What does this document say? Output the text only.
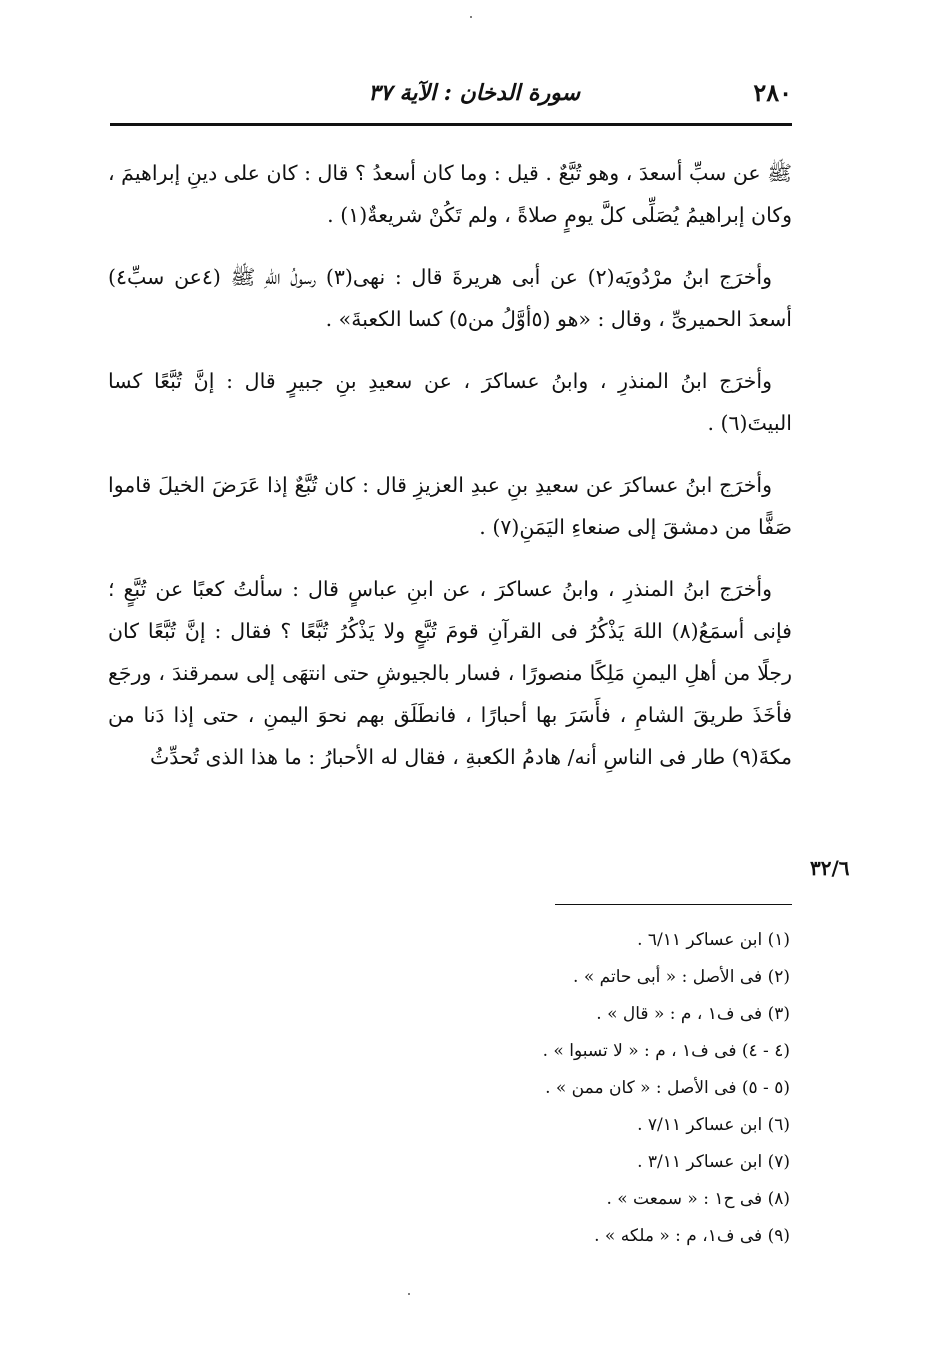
٢٨٠
سورة الدخان : الآية ٣٧

ﷺ عن سبِّ أسعدَ ، وهو تُبَّعٌ . قيل : وما كان أسعدُ ؟ قال : كان على دينِ إبراهيمَ ، وكان إبراهيمُ يُصَلِّى كلَّ يومٍ صلاةً ، ولم تَكُنْ شريعةٌ(١) .

وأخرَج ابنُ مرْدُويَه(٢) عن أبى هريرةَ قال : نهى(٣) رسولُ اللهِ ﷺ (٤عن سبِّ٤) أسعدَ الحميرىِّ ، وقال : «هو (٥أوَّلُ من٥) كسا الكعبةَ» .

وأخرَج ابنُ المنذرِ ، وابنُ عساكرَ ، عن سعيدِ بنِ جبيرٍ قال : إنَّ تُبَّعًا كسا البيتَ(٦) .

وأخرَج ابنُ عساكرَ عن سعيدِ بنِ عبدِ العزيزِ قال : كان تُبَّعٌ إذا عَرَضَ الخيلَ قاموا صَفًّا من دمشقَ إلى صنعاءِ اليَمَنِ(٧) .

وأخرَج ابنُ المنذرِ ، وابنُ عساكرَ ، عن ابنِ عباسٍ قال : سألتُ كعبًا عن تُبَّعٍ ؛ فإنى أسمَعُ(٨) اللهَ يَذْكُرُ فى القرآنِ قومَ تُبَّعٍ ولا يَذْكُرُ تُبَّعًا ؟ فقال : إنَّ تُبَّعًا كان رجلًا من أهلِ اليمنِ مَلِكًا منصورًا ، فسار بالجيوشِ حتى انتهَى إلى سمرقندَ ، ورجَع فأخَذَ طريقَ الشامِ ، فأَسَرَ بها أحبارًا ، فانطَلَق بهم نحوَ اليمنِ ، حتى إذا دَنا من مكةَ(٩) طار فى الناسِ أنه/ هادمُ الكعبةِ ، فقال له الأحبارُ : ما هذا الذى تُحدِّثُ

٣٢/٦
(١) ابن عساكر ٦/١١ .
(٢) فى الأصل : « أبى حاتم » .
(٣) فى ف١ ، م : « قال » .
(٤ - ٤) فى ف١ ، م : « لا تسبوا » .
(٥ - ٥) فى الأصل : « كان ممن » .
(٦) ابن عساكر ٧/١١ .
(٧) ابن عساكر ٣/١١ .
(٨) فى ح١ : « سمعت » .
(٩) فى ف١، م : « ملكه » .
